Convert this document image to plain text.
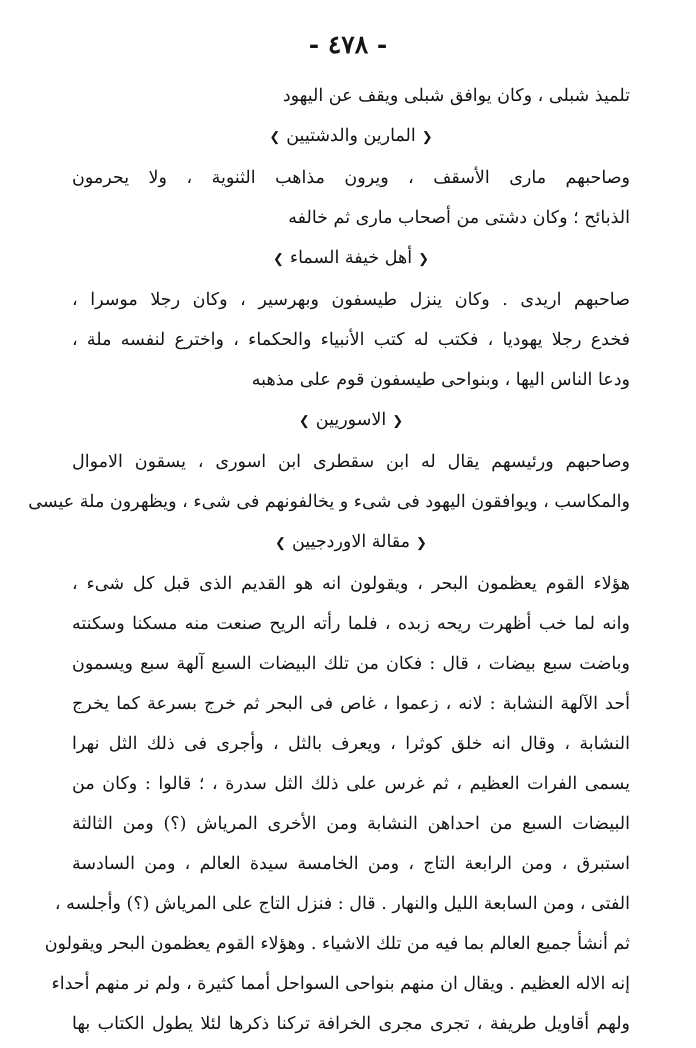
- ٤٧٨ -
تلميذ شبلى ، وكان يوافق شبلى ويقف عن اليهود
❮المارين والدشتيين❯
وصاحبهم مارى الأسقف ، ويرون مذاهب الثنوية ، ولا يحرمون
الذبائح ؛ وكان دشتى من أصحاب مارى ثم خالفه
❮أهل خيفة السماء❯
صاحبهم اريدى . وكان ينزل طيسفون وبهرسير ، وكان رجلا موسرا ،
فخدع رجلا يهوديا ، فكتب له كتب الأنبياء والحكماء ، واخترع لنفسه ملة ،
ودعا الناس اليها ، وبنواحى طيسفون قوم على مذهبه
❮الاسوريين❯
وصاحبهم ورئيسهم يقال له ابن سقطرى ابن اسورى ، يسقون الاموال
والمكاسب ، ويوافقون اليهود فى شىء و يخالفونهم فى شىء ، ويظهرون ملة عيسى
❮مقالة الاوردجيين❯
هؤلاء القوم يعظمون البحر ، ويقولون انه هو القديم الذى قبل كل شىء ،
وانه لما خب أظهرت ريحه زبده ، فلما رأته الريح صنعت منه مسكنا وسكنته
وباضت سبع بيضات ، قال : فكان من تلك البيضات السبع آلهة سبع ويسمون
أحد الآلهة النشابة : لانه ، زعموا ، غاص فى البحر ثم خرج بسرعة كما يخرج
النشابة ، وقال انه خلق كوثرا ، ويعرف بالثل ، وأجرى فى ذلك الثل نهرا
يسمى الفرات العظيم ، ثم غرس على ذلك الثل سدرة ، ؛ قالوا : وكان من
البيضات السبع من احداهن النشابة ومن الأخرى المرياش (؟) ومن الثالثة
استبرق ، ومن الرابعة التاج ، ومن الخامسة سيدة العالم ، ومن السادسة
الفتى ، ومن السابعة الليل والنهار . قال : فنزل التاج على المرياش (؟) وأجلسه ،
ثم أنشأ جميع العالم بما فيه من تلك الاشياء . وهؤلاء القوم يعظمون البحر ويقولون
إنه الاله العظيم . ويقال ان منهم بنواحى السواحل أمما كثيرة ، ولم نر منهم أحداء
ولهم أقاويل طريفة ، تجرى مجرى الخرافة تركنا ذكرها لئلا يطول الكتاب بها
